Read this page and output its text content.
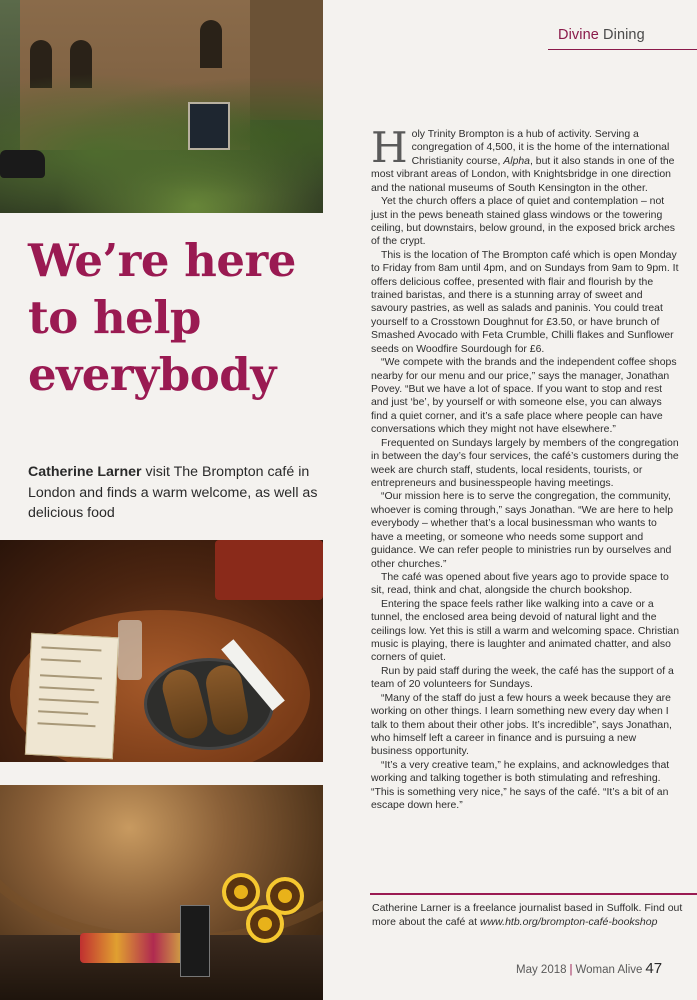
Divine Dining
We’re here
to help
everybody

Catherine Larner visit The Brompton café in London and finds a warm welcome, as well as delicious food

Holy Trinity Brompton is a hub of activity. Serving a congregation of 4,500, it is the home of the international Christianity course, Alpha, but it also stands in one of the most vibrant areas of London, with Knightsbridge in one direction and the national museums of South Kensington in the other.

Yet the church offers a place of quiet and contemplation – not just in the pews beneath stained glass windows or the towering ceiling, but downstairs, below ground, in the exposed brick arches of the crypt.

This is the location of The Brompton café which is open Monday to Friday from 8am until 4pm, and on Sundays from 9am to 9pm. It offers delicious coffee, presented with flair and flourish by the trained baristas, and there is a stunning array of sweet and savoury pastries, as well as salads and paninis. You could treat yourself to a Crosstown Doughnut for £3.50, or have brunch of Smashed Avocado with Feta Crumble, Chilli flakes and Sunflower seeds on Woodfire Sourdough for £6.

“We compete with the brands and the independent coffee shops nearby for our menu and our price,” says the manager, Jonathan Povey. “But we have a lot of space. If you want to stop and rest and just ‘be’, by yourself or with someone else, you can always find a quiet corner, and it’s a safe place where people can have conversations which they might not have elsewhere.”

Frequented on Sundays largely by members of the congregation in between the day’s four services, the café’s customers during the week are church staff, students, local residents, tourists, or entrepreneurs and businesspeople having meetings.

“Our mission here is to serve the congregation, the community, whoever is coming through,” says Jonathan. “We are here to help everybody – whether that’s a local businessman who wants to have a meeting, or someone who needs some support and guidance. We can refer people to ministries run by ourselves and other churches.”

The café was opened about five years ago to provide space to sit, read, think and chat, alongside the church bookshop.

Entering the space feels rather like walking into a cave or a tunnel, the enclosed area being devoid of natural light and the ceilings low. Yet this is still a warm and welcoming space. Christian music is playing, there is laughter and animated chatter, and also corners of quiet.

Run by paid staff during the week, the café has the support of a team of 20 volunteers for Sundays.

“Many of the staff do just a few hours a week because they are working on other things. I learn something new every day when I talk to them about their other jobs. It’s incredible”, says Jonathan, who himself left a career in finance and is pursuing a new business opportunity.

“It’s a very creative team,” he explains, and acknowledges that working and talking together is both stimulating and refreshing. “This is something very nice,” he says of the café. “It’s a bit of an escape down here.”

Catherine Larner is a freelance journalist based in Suffolk. Find out more about the café at www.htb.org/brompton-café-bookshop

May 2018 | Woman Alive 47
